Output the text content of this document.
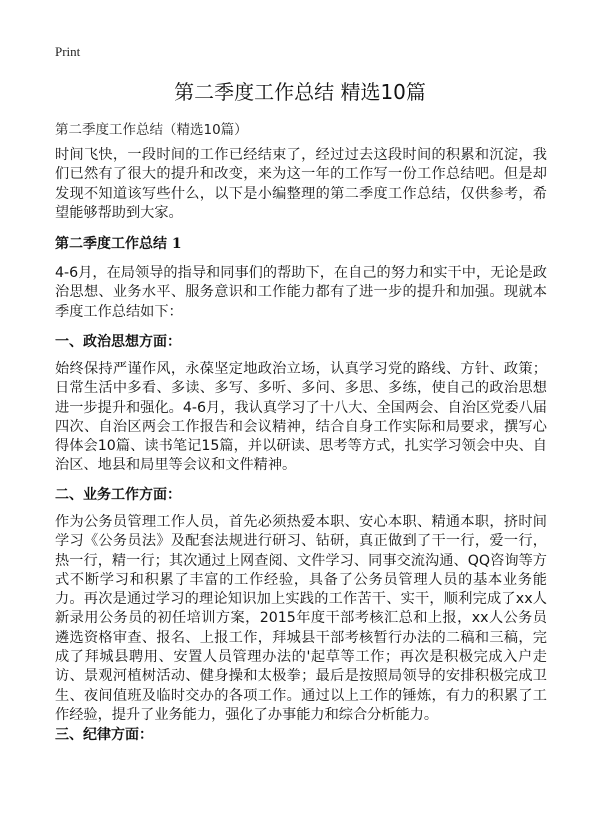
Print
第二季度工作总结 精选10篇
第二季度工作总结（精选10篇）

时间飞快，一段时间的工作已经结束了，经过过去这段时间的积累和沉淀，我们已然有了很大的提升和改变，来为这一年的工作写一份工作总结吧。但是却发现不知道该写些什么，以下是小编整理的第二季度工作总结，仅供参考，希望能够帮助到大家。

第二季度工作总结 1

4-6月，在局领导的指导和同事们的帮助下，在自己的努力和实干中，无论是政治思想、业务水平、服务意识和工作能力都有了进一步的提升和加强。现就本季度工作总结如下：

一、政治思想方面：

始终保持严谨作风，永葆坚定地政治立场，认真学习党的路线、方针、政策；日常生活中多看、多读、多写、多听、多问、多思、多练，使自己的政治思想进一步提升和强化。4-6月，我认真学习了十八大、全国两会、自治区党委八届四次、自治区两会工作报告和会议精神，结合自身工作实际和局要求，撰写心得体会10篇、读书笔记15篇，并以研读、思考等方式，扎实学习领会中央、自治区、地县和局里等会议和文件精神。

二、业务工作方面：

作为公务员管理工作人员，首先必须热爱本职、安心本职、精通本职，挤时间学习《公务员法》及配套法规进行研习、钻研，真正做到了干一行，爱一行，热一行，精一行；其次通过上网查阅、文件学习、同事交流沟通、QQ咨询等方式不断学习和积累了丰富的工作经验，具备了公务员管理人员的基本业务能力。再次是通过学习的理论知识加上实践的工作苦干、实干，顺利完成了xx人新录用公务员的初任培训方案，2015年度干部考核汇总和上报，xx人公务员遴选资格审查、报名、上报工作，拜城县干部考核暂行办法的二稿和三稿，完成了拜城县聘用、安置人员管理办法的'起草等工作；再次是积极完成入户走访、景观河植树活动、健身操和太极拳；最后是按照局领导的安排积极完成卫生、夜间值班及临时交办的各项工作。通过以上工作的锤炼，有力的积累了工作经验，提升了业务能力，强化了办事能力和综合分析能力。

三、纪律方面：
